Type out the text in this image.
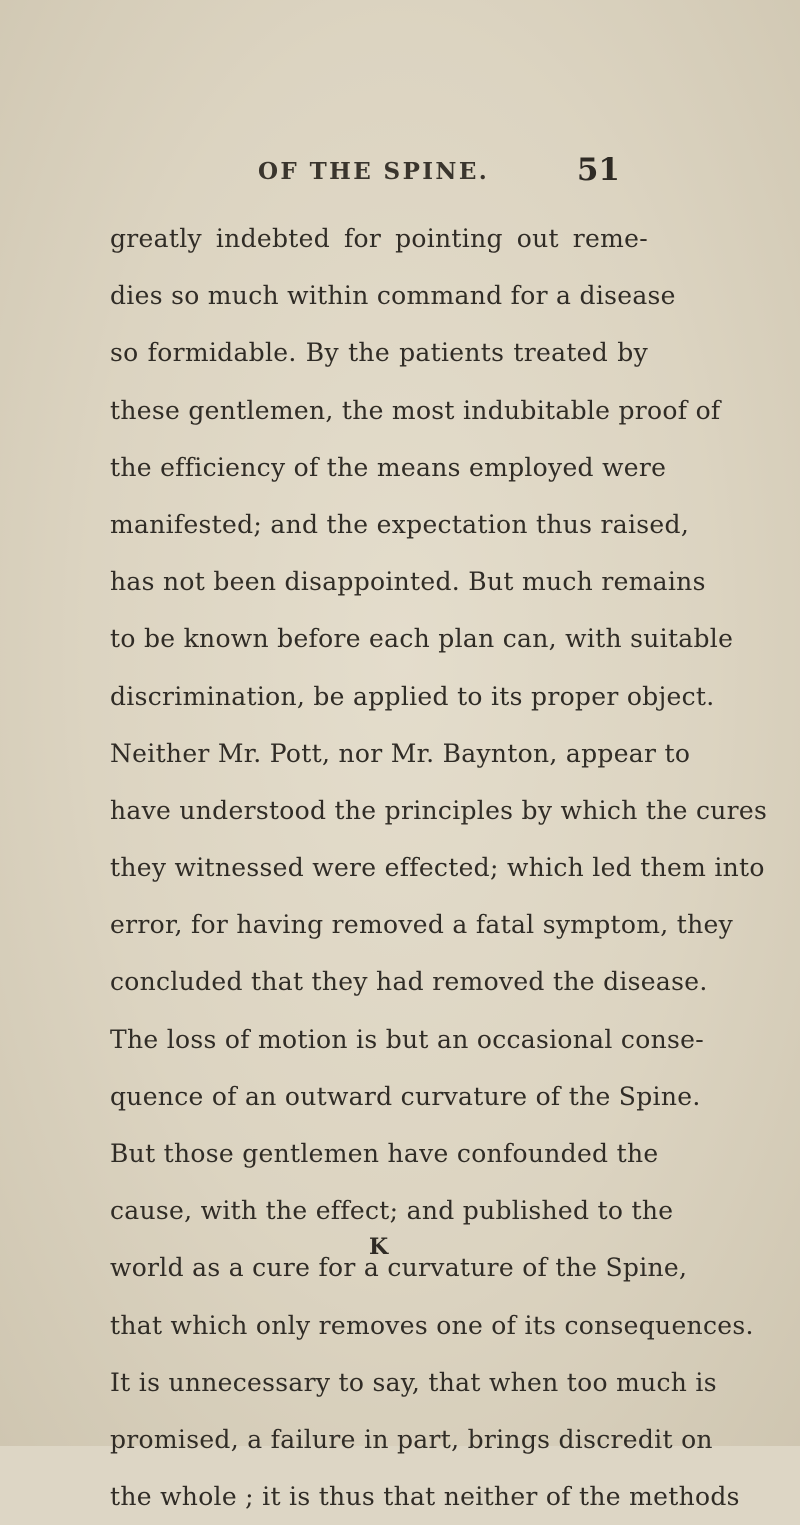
OF THE SPINE.	51
greatly indebted for pointing out reme-
dies so much within command for a disease
so formidable. By the patients treated by
these gentlemen, the most indubitable proof of
the efficiency of the means employed were
manifested; and the expectation thus raised,
has not been disappointed. But much remains
to be known before each plan can, with suitable
discrimination, be applied to its proper object.
Neither Mr. Pott, nor Mr. Baynton, appear to
have understood the principles by which the cures
they witnessed were effected; which led them into
error, for having removed a fatal symptom, they
concluded that they had removed the disease.
The loss of motion is but an occasional conse-
quence of an outward curvature of the Spine.
But those gentlemen have confounded the
cause, with the effect; and published to the
world as a cure for a curvature of the Spine,
that which only removes one of its consequences.
It is unnecessary to say, that when too much is
promised, a failure in part, brings discredit on
the whole ; it is thus that neither of the methods
K
